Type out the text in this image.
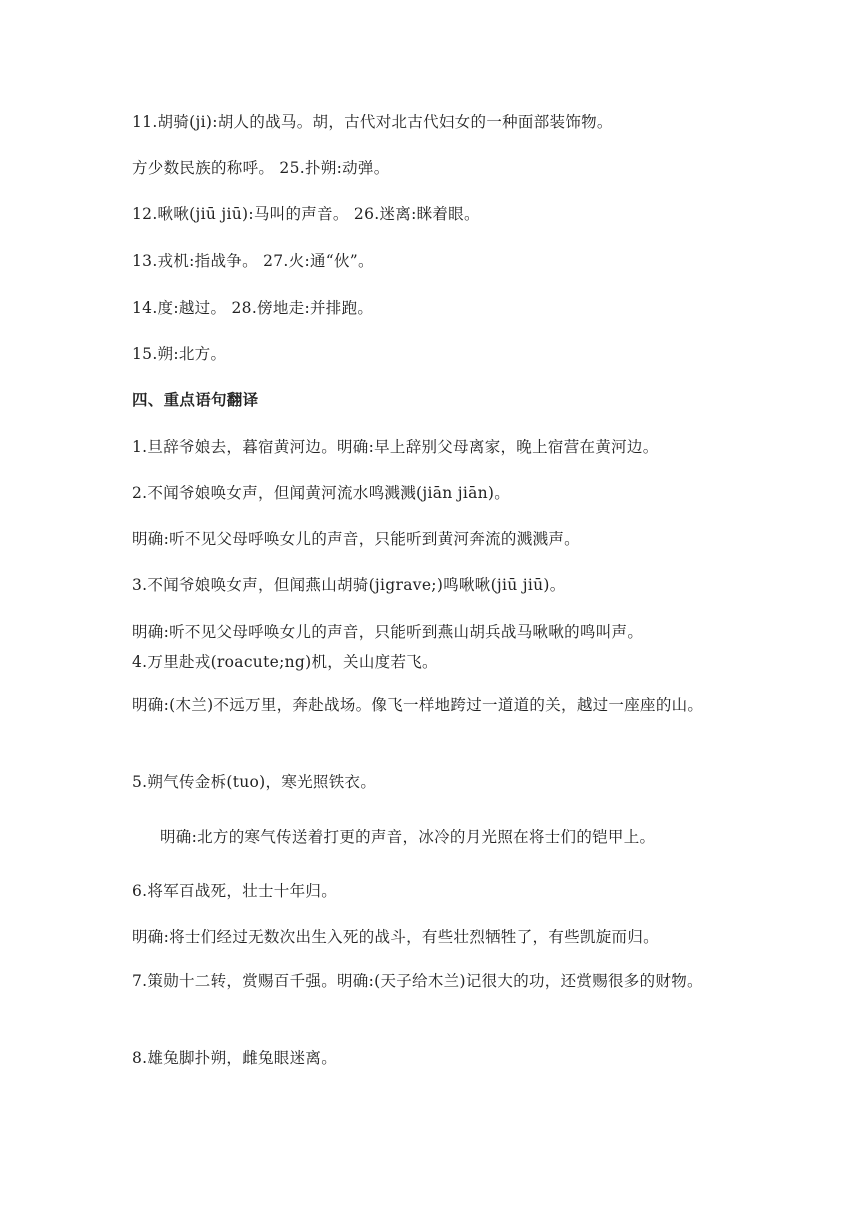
11.胡骑(ji):胡人的战马。胡，古代对北古代妇女的一种面部装饰物。
方少数民族的称呼。 25.扑朔:动弹。
12.啾啾(jiū jiū):马叫的声音。 26.迷离:眯着眼。
13.戎机:指战争。 27.火:通“伙”。
14.度:越过。 28.傍地走:并排跑。
15.朔:北方。
四、重点语句翻译
1.旦辞爷娘去，暮宿黄河边。明确:早上辞别父母离家，晚上宿营在黄河边。
2.不闻爷娘唤女声，但闻黄河流水鸣溅溅(jiān jiān)。
明确:听不见父母呼唤女儿的声音，只能听到黄河奔流的溅溅声。
3.不闻爷娘唤女声，但闻燕山胡骑(jigrave;)鸣啾啾(jiū jiū)。
明确:听不见父母呼唤女儿的声音，只能听到燕山胡兵战马啾啾的鸣叫声。
4.万里赴戎(roacute;ng)机，关山度若飞。
明确:(木兰)不远万里，奔赴战场。像飞一样地跨过一道道的关，越过一座座的山。
5.朔气传金柝(tuo)，寒光照铁衣。
明确:北方的寒气传送着打更的声音，冰冷的月光照在将士们的铠甲上。
6.将军百战死，壮士十年归。
明确:将士们经过无数次出生入死的战斗，有些壮烈牺牲了，有些凯旋而归。
7.策勋十二转，赏赐百千强。明确:(天子给木兰)记很大的功，还赏赐很多的财物。
8.雄兔脚扑朔，雌兔眼迷离。
